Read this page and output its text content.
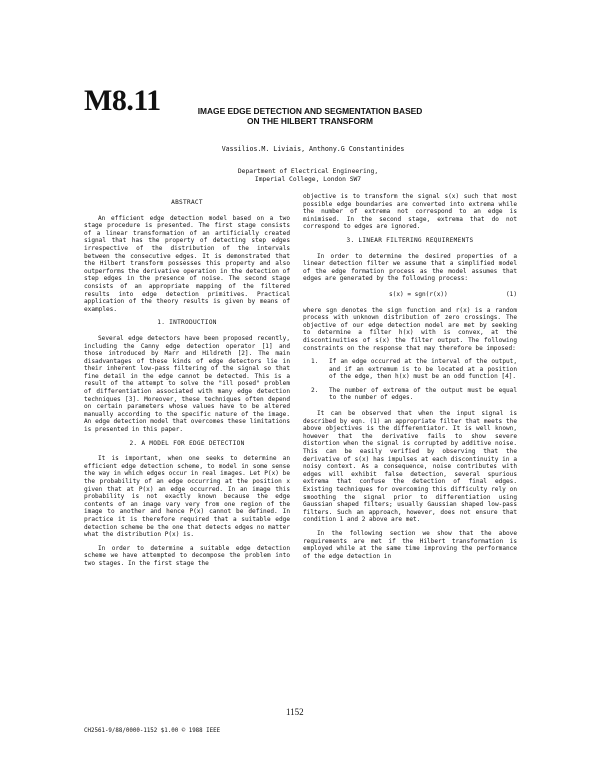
M8.11	IMAGE EDGE DETECTION AND SEGMENTATION BASED
ON THE HILBERT TRANSFORM
Vassilios.M. Liviais, Anthony.G Constantinides
Department of Electrical Engineering,
Imperial College, London SW7
ABSTRACT

An efficient edge detection model based on a two stage procedure is presented. The first stage consists of a linear transformation of an artificially created signal that has the property of detecting step edges irrespective of the distribution of the intervals between the consecutive edges. It is demonstrated that the Hilbert transform possesses this property and also outperforms the derivative operation in the detection of step edges in the presence of noise. The second stage consists of an appropriate mapping of the filtered results into edge detection primitives. Practical application of the theory results is given by means of examples.

1. INTRODUCTION

Several edge detectors have been proposed recently, including the Canny edge detection operator [1] and those introduced by Marr and Hildreth [2]. The main disadvantages of these kinds of edge detectors lie in their inherent low-pass filtering of the signal so that fine detail in the edge cannot be detected. This is a result of the attempt to solve the "ill posed" problem of differentiation associated with many edge detection techniques [3]. Moreover, these techniques often depend on certain parameters whose values have to be altered manually according to the specific nature of the image. An edge detection model that overcomes these limitations is presented in this paper.

2. A MODEL FOR EDGE DETECTION

It is important, when one seeks to determine an efficient edge detection scheme, to model in some sense the way in which edges occur in real images. Let P(x) be the probability of an edge occurring at the position x given that at P(x) an edge occurred. In an image this probability is not exactly known because the edge contents of an image vary very from one region of the image to another and hence P(x) cannot be defined. In practice it is therefore required that a suitable edge detection scheme be the one that detects edges no matter what the distribution P(x) is.

In order to determine a suitable edge detection scheme we have attempted to decompose the problem into two stages. In the first stage the

objective is to transform the signal s(x) such that most possible edge boundaries are converted into extrema while the number of extrema not correspond to an edge is minimised. In the second stage, extrema that do not correspond to edges are ignored.

3. LINEAR FILTERING REQUIREMENTS

In order to determine the desired properties of a linear detection filter we assume that a simplified model of the edge formation process as the model assumes that edges are generated by the following process:

s(x) = sgn(r(x))	(1)

where sgn denotes the sign function and r(x) is a random process with unknown distribution of zero crossings. The objective of our edge detection model are met by seeking to determine a filter h(x) with is convex, at the discontinuities of s(x) the filter output. The following constraints on the response that may therefore be imposed:

1.	If an edge occurred at the interval of the output, and if an extremum is to be located at a position of the edge, then h(x) must be an odd function [4].
2.	The number of extrema of the output must be equal to the number of edges.

It can be observed that when the input signal is described by eqn. (1) an appropriate filter that meets the above objectives is the differentiator. It is well known, however that the derivative fails to show severe distortion when the signal is corrupted by additive noise. This can be easily verified by observing that the derivative of s(x) has impulses at each discontinuity in a noisy context. As a consequence, noise contributes with edges will exhibit false detection, several spurious extrema that confuse the detection of final edges. Existing techniques for overcoming this difficulty rely on smoothing the signal prior to differentiation using Gaussian shaped filters; usually Gaussian shaped low-pass filters. Such an approach, however, does not ensure that condition 1 and 2 above are met.

In the following section we show that the above requirements are met if the Hilbert transformation is employed while at the same time improving the performance of the edge detection in

1152
CH2561-9/88/0000-1152 $1.00 © 1988 IEEE
